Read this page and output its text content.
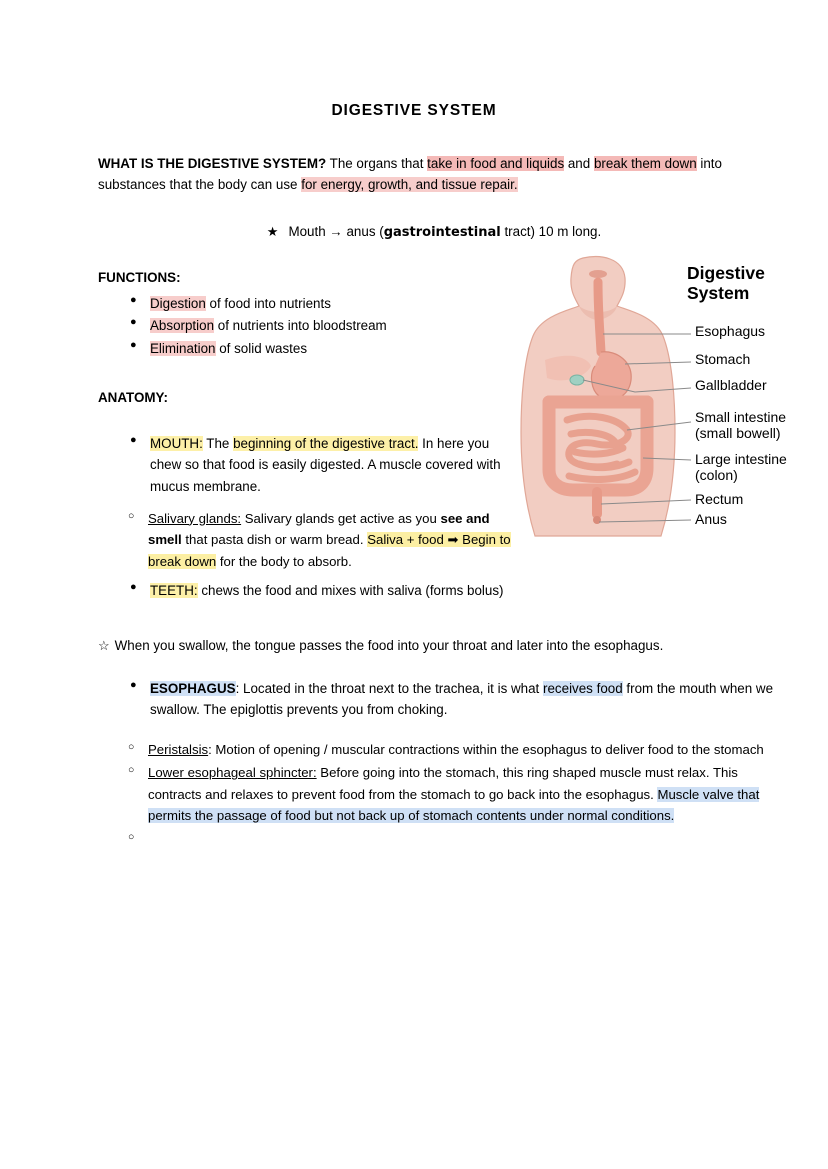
DIGESTIVE SYSTEM
WHAT IS THE DIGESTIVE SYSTEM? The organs that take in food and liquids and break them down into substances that the body can use for energy, growth, and tissue repair.
★ Mouth → anus (gastrointestinal tract) 10 m long.
FUNCTIONS:
● Digestion of food into nutrients
● Absorption of nutrients into bloodstream
● Elimination of solid wastes
ANATOMY:
● MOUTH: The beginning of the digestive tract. In here you chew so that food is easily digested. A muscle covered with mucus membrane.
○ Salivary glands: Salivary glands get active as you see and smell that pasta dish or warm bread. Saliva + food ➡ Begin to break down for the body to absorb.
● TEETH: chews the food and mixes with saliva (forms bolus)
☆ When you swallow, the tongue passes the food into your throat and later into the esophagus.
● ESOPHAGUS: Located in the throat next to the trachea, it is what receives food from the mouth when we swallow. The epiglottis prevents you from choking.
○ Peristalsis: Motion of opening / muscular contractions within the esophagus to deliver food to the stomach
○ Lower esophageal sphincter: Before going into the stomach, this ring shaped muscle must relax. This contracts and relaxes to prevent food from the stomach to go back into the esophagus. Muscle valve that permits the passage of food but not back up of stomach contents under normal conditions.
Digestive
System
Esophagus
Stomach
Gallbladder
Small intestine
(small bowell)
Large intestine
(colon)
Rectum
Anus
